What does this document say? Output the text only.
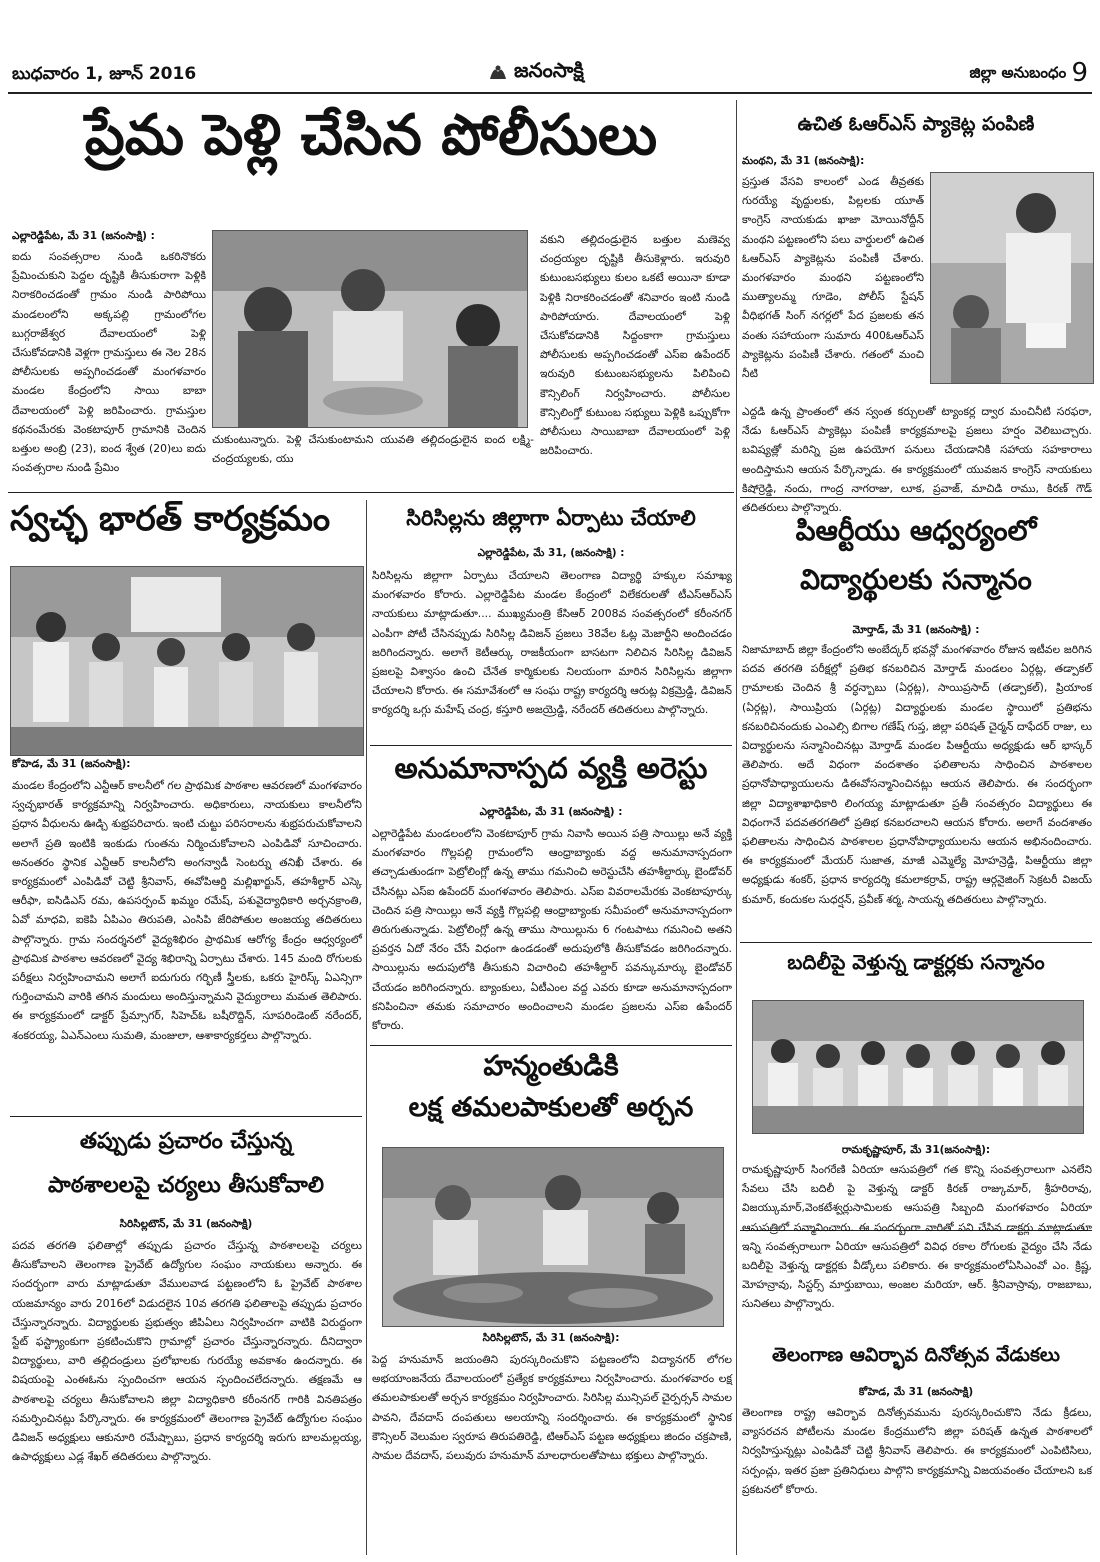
బుధవారం 1, జూన్ 2016	జనంసాక్షి	జిల్లా అనుబంధం 9
ప్రేమ పెళ్లి చేసిన పోలీసులు
ఎల్లారెడ్డిపేట, మే 31 (జనంసాక్షి) :
ఐదు సంవత్సరాల నుండి ఒకరినొకరు ప్రేమించుకుని పెద్దల దృష్టికి తీసుకురాగా పెళ్లికి నిరాకరించడంతో గ్రామం నుండి పారిపోయి మండలంలోని అక్కపల్లి గ్రామంలోగల బుగ్గరాజేశ్వర దేవాలయంలో పెళ్లి చేసుకోవడానికి వెళ్లగా గ్రామస్తులు ఈ నెల 28న పోలీసులకు అప్పగించడంతో మంగళవారం మండల కేంద్రంలోని సాయి బాబా దేవాలయంలో పెళ్లి జరిపించారు. గ్రామస్తుల కథనంమేరకు వెంకటాపూర్ గ్రామానికి చెందిన బత్తుల అంబ్రి (23), ఐంద శ్వేత (20)లు ఐదు సంవత్సరాల నుండి ప్రేమిం
చుకుంటున్నారు. పెళ్లి చేసుకుంటామని యువతి తల్లిదండ్రులైన ఐంద లక్ష్మి-చంద్రయ్యలకు, యు
వకుని తల్లిదండ్రులైన బత్తుల మణెవ్వ చంద్రయ్యల దృష్టికి తీసుకెళ్లారు. ఇరువురి కుటుంబసభ్యులు కులం ఒకటే అయినా కూడా పెళ్లికి నిరాకరించడంతో శనివారం ఇంటి నుండి పారిపోయారు. దేవాలయంలో పెళ్లి చేసుకోవడానికి సిద్దంకాగా గ్రామస్తులు పోలీసులకు అప్పగించడంతో ఎస్ఐ ఉపేందర్ ఇరువురి కుటుంబసభ్యులను పిలిపించి కౌన్సిలింగ్ నిర్వహించారు. పోలీసుల కౌన్సిలింగ్తో కుటుంబ సభ్యులు పెళ్లికి ఒప్పుకోగా పోలీసులు సాయిబాబా దేవాలయంలో పెళ్లి జరిపించారు.
ఉచిత ఓఆర్ఎస్ ప్యాకెట్ల పంపిణి
మంథని, మే 31 (జనంసాక్షి):
ప్రస్తుత వేసవి కాలంలో ఎండ తీవ్రతకు గురయ్యే వృద్దులకు, పిల్లలకు యూత్ కాంగ్రెస్ నాయకుడు ఖాజా మోయినోద్దీన్ మంథని పట్టణంలోని పలు వార్డులలో ఉచిత ఓఆర్ఎస్ ప్యాకెట్లను పంపిణీ చేశారు. మంగళవారం మంథని పట్టణంలోని ముత్యాలమ్మ గూడెం, పోలీస్ స్టేషన్ వీధిభగత్ సింగ్ నగర్లలో పేద ప్రజలకు తన వంతు సహాయంగా సుమారు 400ఓఆర్ఎస్ ప్యాకెట్లను పంపిణీ చేశారు. గతంలో మంచి నీటి
ఎద్దడి ఉన్న ప్రాంతంలో తన స్వంత కర్చులతో ట్యాంకర్ల ద్వార మంచినీటి సరఫరా, నేడు ఓఆర్ఎస్ ప్యాకెట్లు పంపిణీ కార్యక్రమాలపై ప్రజలు హర్షం వెలిబుచ్చారు. బవిష్యత్లో మరిన్ని ప్రజ ఉపయోగ పనులు చేయడానికి సహాయ సహకారాలు అందిస్తామని ఆయన పేర్కొన్నాడు. ఈ కార్యక్రమంలో యువజన కాంగ్రెస్ నాయకులు కిషోర్రెడ్డి, నందు, గాంద్ర నాగరాజు, లూక, ప్రవాజ్, మాచిడి రాము, కిరణ్ గౌడ్ తదితరులు పాల్గొన్నారు.
స్వచ్ఛ భారత్ కార్యక్రమం
కోహెడ, మే 31 (జనంసాక్షి):
మండల కేంద్రంలోని ఎన్టీఆర్ కాలనీలో గల ప్రాథమిక పాఠశాల ఆవరణలో మంగళవారం స్వచ్ఛభారత్ కార్యక్రమాన్ని నిర్వహించారు. అధికారులు, నాయకులు కాలనీలోని ప్రధాన వీధులను ఊడ్చి శుభ్రపరిచారు. ఇంటి చుట్టు పరిసరాలను శుభ్రపరుచుకోవాలని అలాగే ప్రతి ఇంటికి ఇంకుడు గుంతను నిర్మించుకోవాలని ఎంపిడివో సూచించారు. అనంతరం స్థానిక ఎన్టీఆర్ కాలనీలోని అంగన్వాడీ సెంటర్ను తనిఖీ చేశారు. ఈ కార్యక్రమంలో ఎంపిడివో చెట్టి శ్రీనివాస్, ఈవోపిఆర్డి మల్లిఖార్జున్, తహశీల్దార్ ఎస్కె ఆరీఫా, ఐసిడిఎస్ రమ, ఉపసర్పంచ్ ఖమ్మం రమేష్, పశువైద్యాధికారి అర్చనక్రాంతి, ఏవో మాధవి, ఐకెపి ఏపిఎం తిరుపతి, ఎంసిపి జేరిపోతుల అంజయ్య తదితరులు పాల్గొన్నారు. గ్రామ సందర్శనలో వైద్యశిభిరం ప్రాథమిక ఆరోగ్య కేంద్రం ఆధ్వర్యంలో ప్రాథమిక పాఠశాల ఆవరణలో వైద్య శిభిరాన్ని ఏర్పాటు చేశారు. 145 మంది రోగులకు పరీక్షలు నిర్వహించామని అలాగే ఐదుగురు గర్భిణీ స్త్రీలకు, ఒకరు హైరిస్క్ ఏఎన్సిగా గుర్తించామని వారికి తగిన మందులు అందిస్తున్నామని వైద్యురాలు మమత తెలిపారు. ఈ కార్యక్రమంలో డాక్టర్ ప్రేమ్సాగర్, సిహెచ్ఓ బషీరొద్దిన్, సూపరిండెంట్ నరేందర్, శంకరయ్య, ఏఎన్ఎంలు సుమతి, మంజులా, ఆశాకార్యకర్తలు పాల్గొన్నారు.
తప్పుడు ప్రచారం చేస్తున్న
పాఠశాలలపై చర్యలు తీసుకోవాలి
సిరిసిల్లటౌన్, మే 31 (జనంసాక్షి)
పదవ తరగతి ఫలితాల్లో తప్పుడు ప్రచారం చేస్తున్న పాఠశాలలపై చర్యలు తీసుకోవాలని తెలంగాణ ప్రైవేట్ ఉద్యోగుల సంఘం నాయకులు అన్నారు. ఈ సందర్భంగా వారు మాట్లాడుతూ వేములవాడ పట్టణంలోని ఓ ప్రైవేట్ పాఠశాల యజమాన్యం వారు 2016లో విడుదలైన 10వ తరగతి ఫలితాలపై తప్పుడు ప్రచారం చేస్తున్నారన్నారు. విద్యార్థులకు ప్రభుత్వం జీపిఏలు నిర్వహించగా వాటికి విరుద్దంగా స్టేట్ ఫస్ట్ర్యాంకుగా ప్రకటించుకొని గ్రామాల్లో ప్రచారం చేస్తున్నారన్నారు. దీనిద్వారా విద్యార్థులు, వారి తల్లిదండ్రులు ప్రలోభాలకు గురయ్యే అవకాశం ఉందన్నారు. ఈ విషయంపై ఎంఈఓను స్పందించగా ఆయన స్పందించలేదన్నారు. తక్షణమే ఆ పాఠశాలపై చర్యలు తీసుకోవాలని జిల్లా విద్యాధికారి కరీంనగర్ గారికి వినతిపత్రం సమర్పించినట్లు పేర్కొన్నారు. ఈ కార్యక్రమంలో తెలంగాణ ప్రైవేట్ ఉద్యోగుల సంఘం డివిజన్ అధ్యక్షులు ఆకునూరి రమేష్బాబు, ప్రధాన కార్యదర్శి ఇరుగు బాలమల్లయ్య, ఉపాధ్యక్షులు ఎడ్ల శేఖర్ తదితరులు పాల్గొన్నారు.
సిరిసిల్లను జిల్లాగా ఏర్పాటు చేయాలి
ఎల్లారెడ్డిపేట, మే 31, (జనంసాక్షి) :
సిరిసిల్లను జిల్లాగా ఏర్పాటు చేయాలని తెలంగాణ విద్యార్థి హక్కుల సమాఖ్య మంగళవారం కోరారు. ఎల్లారెడ్డిపేట మండల కేంద్రంలో విలేకరులతో టీఎస్ఆర్ఎస్ నాయకులు మాట్లాడుతూ.... ముఖ్యమంత్రి కేసిఆర్ 2008వ సంవత్సరంలో కరీంనగర్ ఎంపీగా పోటీ చేసినప్పుడు సిరిసిల్ల డివిజన్ ప్రజలు 38వేల ఓట్ల మెజార్టీని అందించడం జరిగిందన్నారు. అలాగే కెటీఆర్కు రాజకీయంగా బాసటగా నిలిచిన సిరిసిల్ల డివిజన్ ప్రజలపై విశ్వాసం ఉంచి చేనేత కార్మికులకు నిలయంగా మారిన సిరిసిల్లను జిల్లాగా చేయాలని కోరారు. ఈ సమావేశంలో ఆ సంఘ రాష్ట్ర కార్యదర్శి ఆరుట్ల విక్రమ్రెడ్డి, డివిజన్ కార్యదర్శి ఒగ్గు మహేష్ చంద్ర, కస్తూరి అజయ్రెడ్డి, నరేందర్ తదితరులు పాల్గొన్నారు.
అనుమానాస్పద వ్యక్తి అరెస్టు
ఎల్లారెడ్డిపేట, మే 31 (జనంసాక్షి) :
ఎల్లారెడ్డిపేట మండలంలోని వెంకటాపూర్ గ్రామ నివాసి అయిన పత్రి సాయిల్లు అనే వ్యక్తి మంగళవారం గొల్లపల్లి గ్రామంలోని ఆంధ్రాబ్యాంకు వద్ద అనుమానాస్పదంగా తచ్చాడుతుండగా పెట్రోలింగ్లో ఉన్న తాము గమనించి అరెస్టుచేసి తహశీల్దార్కు బైండోవర్ చేసినట్లు ఎస్ఐ ఉపేందర్ మంగళవారం తెలిపారు. ఎస్ఐ వివరాలమేరకు వెంకటాపూర్కు చెందిన పత్రి సాయిల్లు అనే వ్యక్తి గొల్లపల్లి ఆంధ్రాబ్యాంకు సమీపంలో అనుమానాస్పదంగా తిరుగుతున్నాడు. పెట్రోలింగ్లో ఉన్న తాము సాయిల్లును 6 గంటపాటు గమనించి అతని ప్రవర్తన ఏదో నేరం చేసే విధంగా ఉండడంతో అదుపులోకి తీసుకోవడం జరిగిందన్నారు. సాయిల్లును అదుపులోకి తీసుకుని విచారించి తహశీల్దార్ పవన్కుమార్కు బైండోవర్ చేయడం జరిగిందన్నారు. బ్యాంకులు, ఏటీఎంల వద్ద ఎవరు కూడా అనుమానాస్పదంగా కనిపించినా తమకు సమాచారం అందించాలని మండల ప్రజలను ఎస్ఐ ఉపేందర్ కోరారు.
హన్మంతుడికి
లక్ష తమలపాకులతో అర్చన
సిరిసిల్లటౌన్, మే 31 (జనంసాక్షి):
పెద్ద హనుమాన్ జయంతిని పురస్కరించుకొని పట్టణంలోని విద్యానగర్ లోగల అభయాంజనేయ దేవాలయంలో ప్రత్యేక కార్యక్రమాలు నిర్వహించారు. మంగళవారం లక్ష తమలపాకులతో అర్చన కార్యక్రమం నిర్వహించారు. సిరిసిల్ల మున్సిపల్ చైర్పర్సన్ సామల పావని, దేవదాస్ దంపతులు అలయాన్ని సందర్శించారు. ఈ కార్యక్రమంలో స్థానిక కౌన్సిలర్ వెలుమల స్వరూప తిరుపతిరెడ్డి, టిఆర్ఎస్ పట్టణ అధ్యక్షులు జిందం చక్రపాణి, సామల దేవదాస్, పలువురు హనుమాన్ మాలధారులతోపాటు భక్తులు పాల్గొన్నారు.
పిఆర్టీయు ఆధ్వర్యంలో
విద్యార్థులకు సన్మానం
మోర్తాడ్, మే 31 (జనంసాక్షి) :
నిజామాబాద్ జిల్లా కేంద్రంలోని అంబేద్కర్ భవన్లో మంగళవారం రోజున ఇటీవల జరిగిన పదవ తరగతి పరీక్షల్లో ప్రతిభ కనబరిచిన మోర్తాడ్ మండలం ఏర్గట్ల, తడ్పాకల్ గ్రామాలకు చెందిన శ్రీ వర్ధన్బాబు (ఏర్గట్ల), సాయిప్రసాద్ (తడ్పాకల్), ప్రియాంక (ఏర్గట్ల), సాయిప్రియ (ఏర్గట్ల) విద్యార్థులకు మండల స్థాయిలో ప్రతిభను కనబరిచినందుకు ఎంఎల్సి బిగాల గణేష్ గుప్త, జిల్లా పరిషత్ చైర్మన్ దాఫేదర్ రాజు, లు విద్యార్థులను సన్మానించినట్లు మోర్తాడ్ మండల పిఆర్టీయు అధ్యక్షుడు ఆర్ భాస్కర్ తెలిపారు. అదే విధంగా వందశాతం ఫలితాలను సాధించిన పాఠశాలల ప్రధానోపాధ్యాయులను డిఈవోసన్మానించినట్లు ఆయన తెలిపారు. ఈ సందర్భంగా జిల్లా విద్యాశాఖాధికారి లింగయ్య మాట్లాడుతూ ప్రతీ సంవత్సరం విద్యార్థులు ఈ విధంగానే పదవతరగతిలో ప్రతిభ కనబరచాలని ఆయన కోరారు. అలాగే వందశాతం ఫలితాలను సాధించిన పాఠశాలల ప్రధానోపాధ్యాయులను ఆయన అభినందించారు. ఈ కార్యక్రమంలో మేయర్ సుజాత, మాజీ ఎమ్మెల్యే మోహన్రెడ్డి, పిఆర్టీయు జిల్లా అధ్యక్షుడు శంకర్, ప్రధాన కార్యదర్శి కమలాకర్రావ్, రాష్ట్ర ఆర్గనైజింగ్ సెక్రటరీ విజయ్ కుమార్, కందుకల సుధర్షన్, ప్రవీణ్ శర్మ, సాయన్న తదితరులు పాల్గొన్నారు.
బదిలీపై వెళ్తున్న డాక్టర్లకు సన్మానం
రామకృష్ణాపూర్, మే 31(జనంసాక్షి):
రామకృష్ణాపూర్ సింగరేణి ఏరియా ఆసుపత్రిలో గత కొన్ని సంవత్సరాలుగా ఎనలేని సేవలు చేసి బదిలీ పై వెళ్తున్న డాక్టర్ కిరణ్ రాజ్కుమార్, శ్రీహరిరావు, విజయ్కుమార్,వెంకటేశ్వర్లుసామిలకు ఆసుపత్రి సిబ్బంది మంగళవారం ఏరియా ఆసుపత్రిలో సన్మానించారు. ఈ సందర్బంగా వారితో పని చేసిన డాక్టర్లు మాట్లాడుతూ ఇన్ని సంవత్సరాలుగా ఏరియా ఆసుపత్రిలో వివిధ రకాల రోగులకు వైద్యం చేసి నేడు బదిలీపై వెళ్తున్న డాక్టర్లకు వీడ్కోలు పలికారు. ఈ కార్యక్రమంలోఏసిఎంవో ఎం. క్రిష్ణ, మోహన్రావు, సిస్టర్స్ మార్తుబాయి, అంజల మరియా, ఆర్. శ్రీనివాస్రావు, రాజబాబు, సునితలు పాల్గొన్నారు.
తెలంగాణ ఆవిర్భావ దినోత్సవ వేడుకలు
కోహెడ, మే 31 (జనంసాక్షి)
తెలంగాణ రాష్ట్ర ఆవిర్భావ దినోత్సవమును పురస్కరించుకొని నేడు క్రీడలు, వ్యాసరచన పోటీలను మండల కేంద్రములోని జిల్లా పరిషత్ ఉన్నత పాఠశాలలో నిర్వహిస్తున్నట్లు ఎంపిడివో చెట్టి శ్రీనివాస్ తెలిపారు. ఈ కార్యక్రమంలో ఎంపిటిసిలు, సర్పంచ్లు, ఇతర ప్రజా ప్రతినిధులు పాల్గొని కార్యక్రమాన్ని విజయవంతం చేయాలని ఒక ప్రకటనలో కోరారు.
